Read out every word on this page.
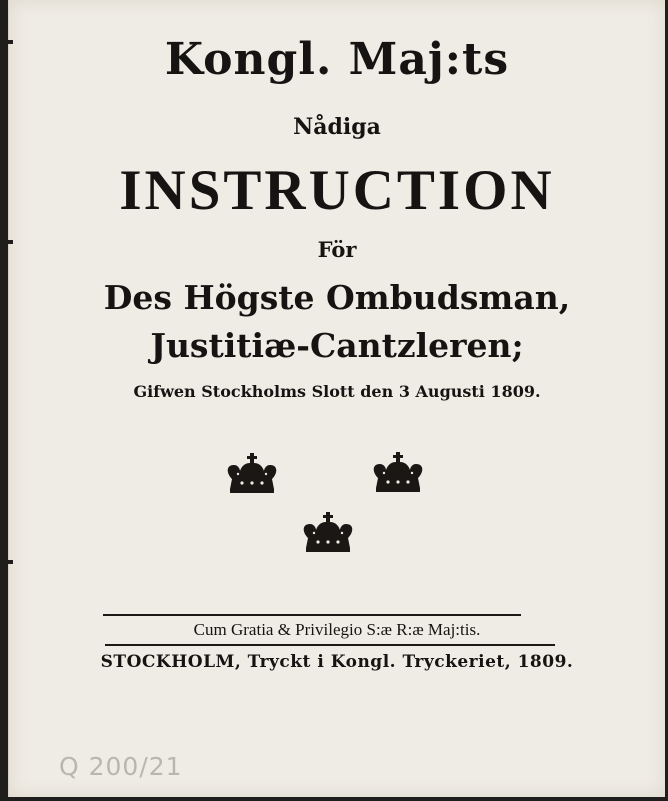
Kongl. Maj:ts
Nådiga
INSTRUCTION
För
Des Högste Ombudsman,
Justitiæ-Cantzleren;
Gifwen Stockholms Slott den 3 Augusti 1809.
Cum Gratia & Privilegio S:æ R:æ Maj:tis.
STOCKHOLM, Tryckt i Kongl. Tryckeriet, 1809.
Q 200/21
